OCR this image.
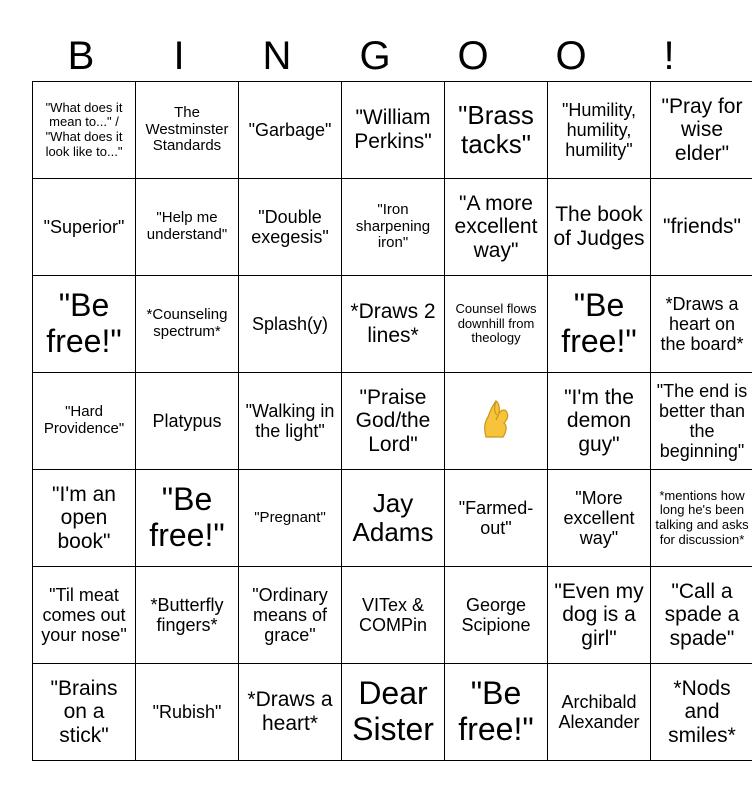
B	I	N	G	O	O	!
"What does it mean to..." / "What does it look like to..."	The Westminster Standards	"Garbage"	"William Perkins"	"Brass tacks"	"Humility, humility, humility"	"Pray for wise elder"
"Superior"	"Help me understand"	"Double exegesis"	"Iron sharpening iron"	"A more excellent way"	The book of Judges	"friends"
"Be free!"	*Counseling spectrum*	Splash(y)	*Draws 2 lines*	Counsel flows downhill from theology	"Be free!"	*Draws a heart on the board*
"Hard Providence"	Platypus	"Walking in the light"	"Praise God/the Lord"		"I'm the demon guy"	"The end is better than the beginning"
"I'm an open book"	"Be free!"	"Pregnant"	Jay Adams	"Farmed-out"	"More excellent way"	*mentions how long he's been talking and asks for discussion*
"Til meat comes out your nose"	*Butterfly fingers*	"Ordinary means of grace"	VITex & COMPin	George Scipione	"Even my dog is a girl"	"Call a spade a spade"
"Brains on a stick"	"Rubish"	*Draws a heart*	Dear Sister	"Be free!"	Archibald Alexander	*Nods and smiles*
